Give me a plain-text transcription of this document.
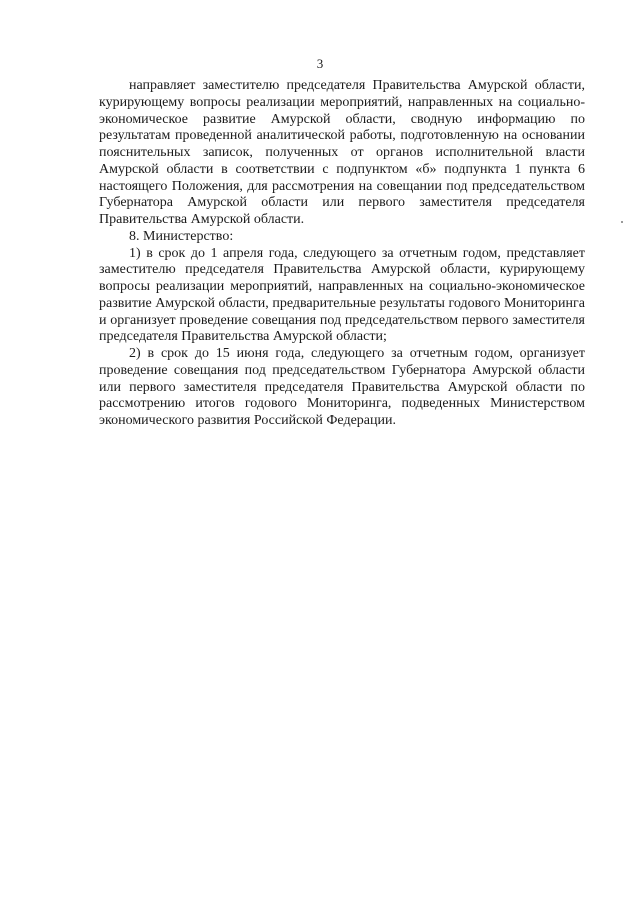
3

направляет заместителю председателя Правительства Амурской области, курирующему вопросы реализации мероприятий, направленных на социально-экономическое развитие Амурской области, сводную информацию по результатам проведенной аналитической работы, подготовленную на основании пояснительных записок, полученных от органов исполнительной власти Амурской области в соответствии с подпунктом «б» подпункта 1 пункта 6 настоящего Положения, для рассмотрения на совещании под председательством Губернатора Амурской области или первого заместителя председателя Правительства Амурской области.

8. Министерство:

1) в срок до 1 апреля года, следующего за отчетным годом, представляет заместителю председателя Правительства Амурской области, курирующему вопросы реализации мероприятий, направленных на социально-экономическое развитие Амурской области, предварительные результаты годового Мониторинга и организует проведение совещания под председательством первого заместителя председателя Правительства Амурской области;

2) в срок до 15 июня года, следующего за отчетным годом, организует проведение совещания под председательством Губернатора Амурской области или первого заместителя председателя Правительства Амурской области по рассмотрению итогов годового Мониторинга, подведенных Министерством экономического развития Российской Федерации.
